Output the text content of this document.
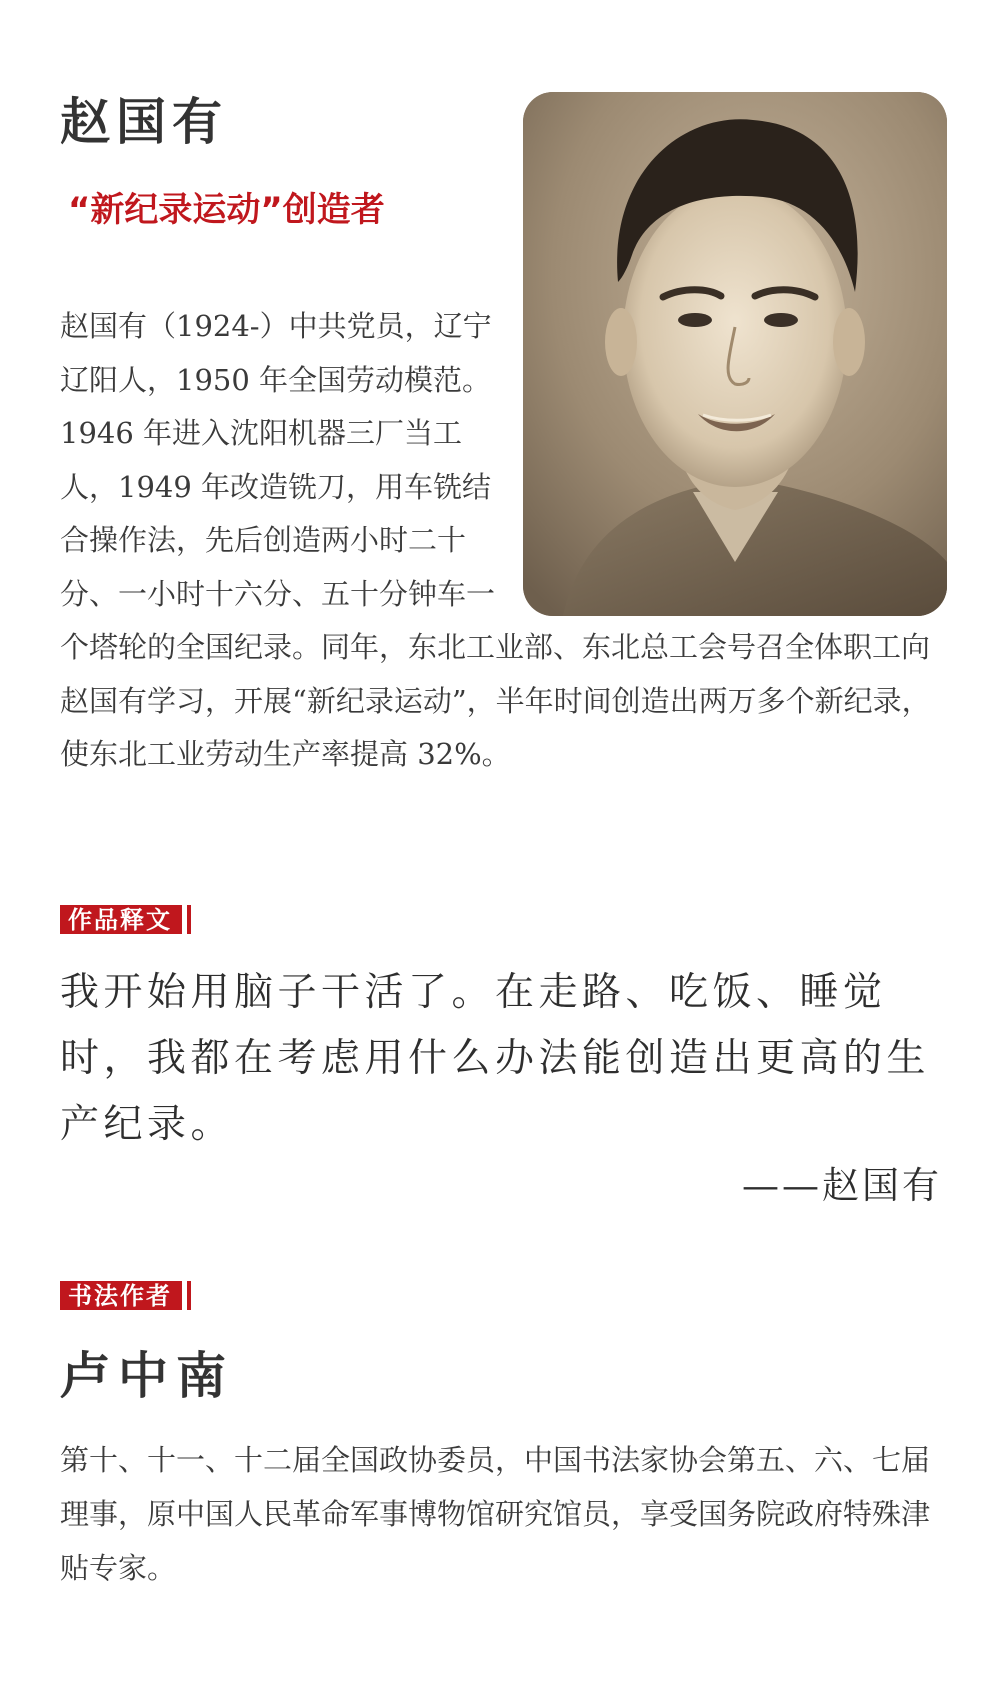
赵国有
“新纪录运动”创造者

赵国有（1924-）中共党员，辽宁辽阳人，1950 年全国劳动模范。1946 年进入沈阳机器三厂当工人，1949 年改造铣刀，用车铣结合操作法，先后创造两小时二十分、一小时十六分、五十分钟车一个塔轮的全国纪录。同年，东北工业部、东北总工会号召全体职工向赵国有学习，开展“新纪录运动”，半年时间创造出两万多个新纪录，使东北工业劳动生产率提高 32%。

作品释文

我开始用脑子干活了。在走路、吃饭、睡觉时，我都在考虑用什么办法能创造出更高的生产纪录。

——赵国有

书法作者
卢中南

第十、十一、十二届全国政协委员，中国书法家协会第五、六、七届理事，原中国人民革命军事博物馆研究馆员，享受国务院政府特殊津贴专家。
